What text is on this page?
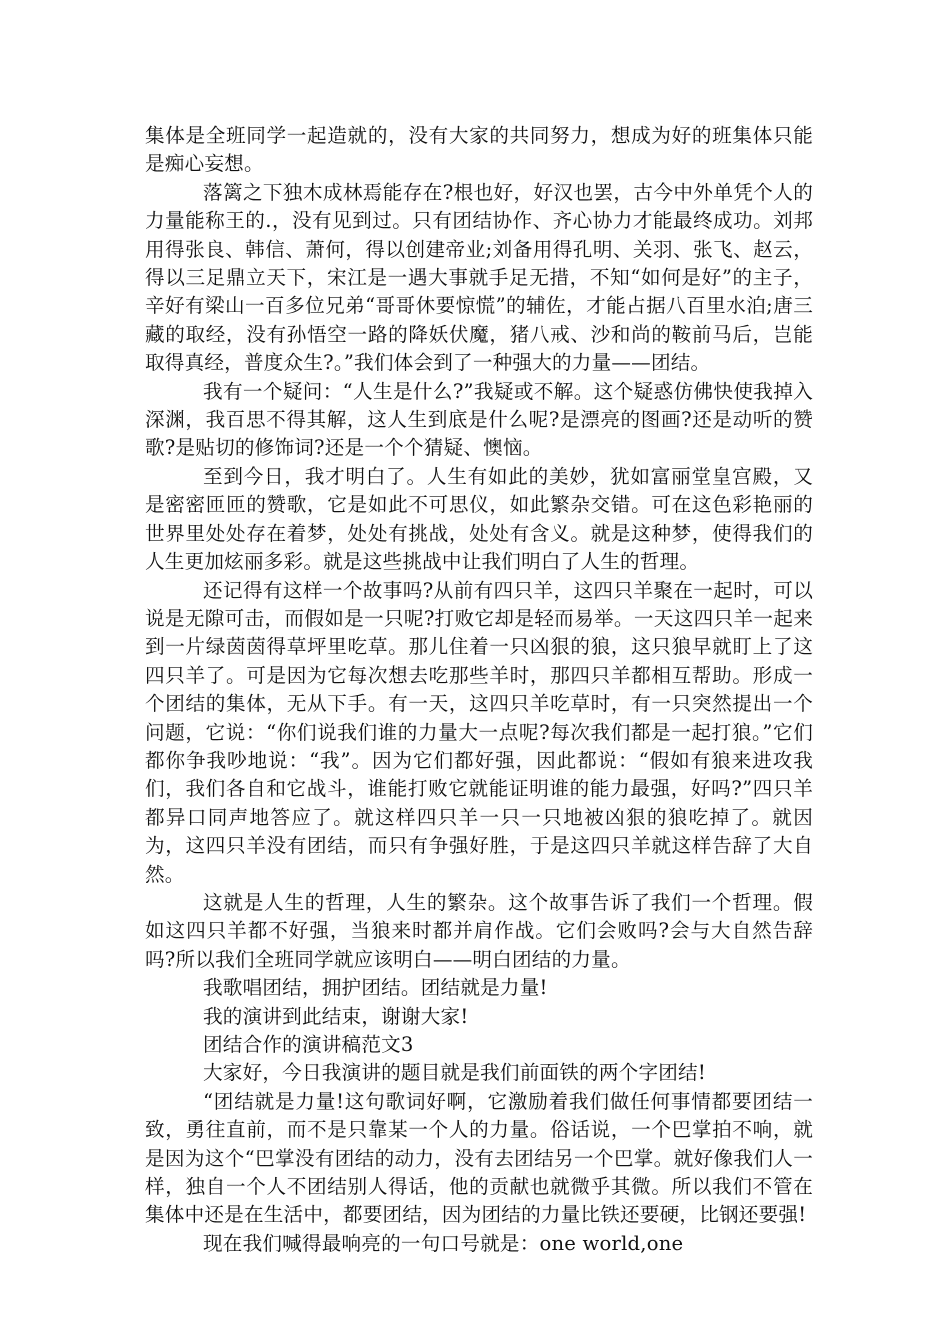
集体是全班同学一起造就的，没有大家的共同努力，想成为好的班集体只能是痴心妄想。

落篱之下独木成林焉能存在?根也好，好汉也罢，古今中外单凭个人的力量能称王的.，没有见到过。只有团结协作、齐心协力才能最终成功。刘邦用得张良、韩信、萧何，得以创建帝业;刘备用得孔明、关羽、张飞、赵云，得以三足鼎立天下，宋江是一遇大事就手足无措，不知“如何是好”的主子，辛好有梁山一百多位兄弟“哥哥休要惊慌”的辅佐，才能占据八百里水泊;唐三藏的取经，没有孙悟空一路的降妖伏魔，猪八戒、沙和尚的鞍前马后，岂能取得真经，普度众生?。”我们体会到了一种强大的力量——团结。

我有一个疑问：“人生是什么?”我疑或不解。这个疑惑仿佛快使我掉入深渊，我百思不得其解，这人生到底是什么呢?是漂亮的图画?还是动听的赞歌?是贴切的修饰词?还是一个个猜疑、懊恼。

至到今日，我才明白了。人生有如此的美妙，犹如富丽堂皇宫殿，又是密密匝匝的赞歌，它是如此不可思仪，如此繁杂交错。可在这色彩艳丽的世界里处处存在着梦，处处有挑战，处处有含义。就是这种梦，使得我们的人生更加炫丽多彩。就是这些挑战中让我们明白了人生的哲理。

还记得有这样一个故事吗?从前有四只羊，这四只羊聚在一起时，可以说是无隙可击，而假如是一只呢?打败它却是轻而易举。一天这四只羊一起来到一片绿茵茵得草坪里吃草。那儿住着一只凶狠的狼，这只狼早就盯上了这四只羊了。可是因为它每次想去吃那些羊时，那四只羊都相互帮助。形成一个团结的集体，无从下手。有一天，这四只羊吃草时，有一只突然提出一个问题，它说：“你们说我们谁的力量大一点呢?每次我们都是一起打狼。”它们都你争我吵地说：“我”。因为它们都好强，因此都说：“假如有狼来进攻我们，我们各自和它战斗，谁能打败它就能证明谁的能力最强，好吗?”四只羊都异口同声地答应了。就这样四只羊一只一只地被凶狠的狼吃掉了。就因为，这四只羊没有团结，而只有争强好胜，于是这四只羊就这样告辞了大自然。

这就是人生的哲理，人生的繁杂。这个故事告诉了我们一个哲理。假如这四只羊都不好强，当狼来时都并肩作战。它们会败吗?会与大自然告辞吗?所以我们全班同学就应该明白——明白团结的力量。

我歌唱团结，拥护团结。团结就是力量!

我的演讲到此结束，谢谢大家!

团结合作的演讲稿范文3

大家好，今日我演讲的题目就是我们前面铁的两个字团结!

“团结就是力量!这句歌词好啊，它激励着我们做任何事情都要团结一致，勇往直前，而不是只靠某一个人的力量。俗话说，一个巴掌拍不响，就是因为这个“巴掌没有团结的动力，没有去团结另一个巴掌。就好像我们人一样，独自一个人不团结别人得话，他的贡献也就微乎其微。所以我们不管在集体中还是在生活中，都要团结，因为团结的力量比铁还要硬，比钢还要强!

现在我们喊得最响亮的一句口号就是：one world,one
